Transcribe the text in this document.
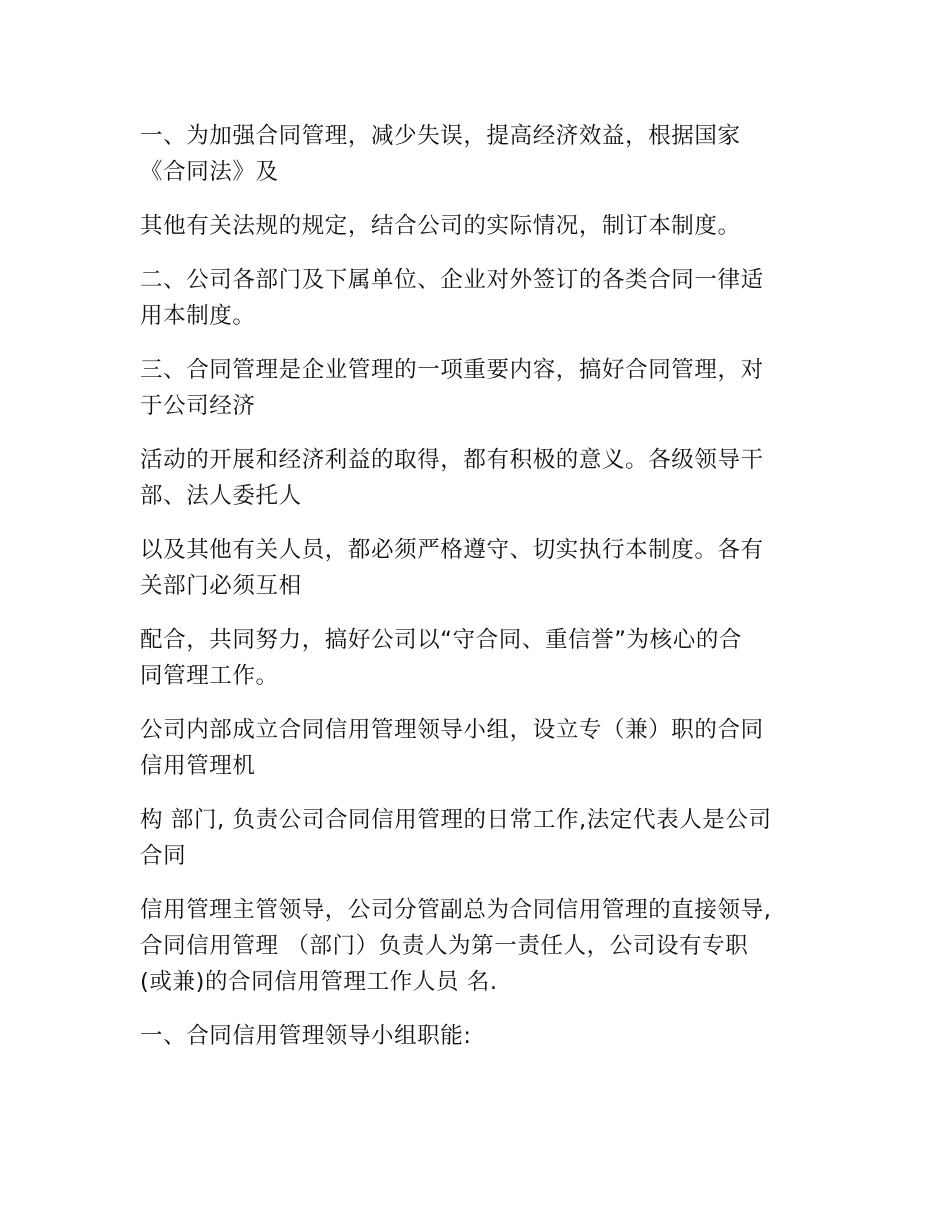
一、为加强合同管理，减少失误，提高经济效益，根据国家
《合同法》及

其他有关法规的规定，结合公司的实际情况，制订本制度。

二、公司各部门及下属单位、企业对外签订的各类合同一律适
用本制度。

三、合同管理是企业管理的一项重要内容，搞好合同管理，对
于公司经济

活动的开展和经济利益的取得，都有积极的意义。各级领导干
部、法人委托人

以及其他有关人员，都必须严格遵守、切实执行本制度。各有
关部门必须互相

配合，共同努力，搞好公司以“守合同、重信誉”为核心的合
同管理工作。

公司内部成立合同信用管理领导小组，设立专（兼）职的合同
信用管理机

构 部门, 负责公司合同信用管理的日常工作,法定代表人是公司
合同

信用管理主管领导，公司分管副总为合同信用管理的直接领导,
合同信用管理 （部门）负责人为第一责任人，公司设有专职
(或兼)的合同信用管理工作人员 名.

一、合同信用管理领导小组职能:
